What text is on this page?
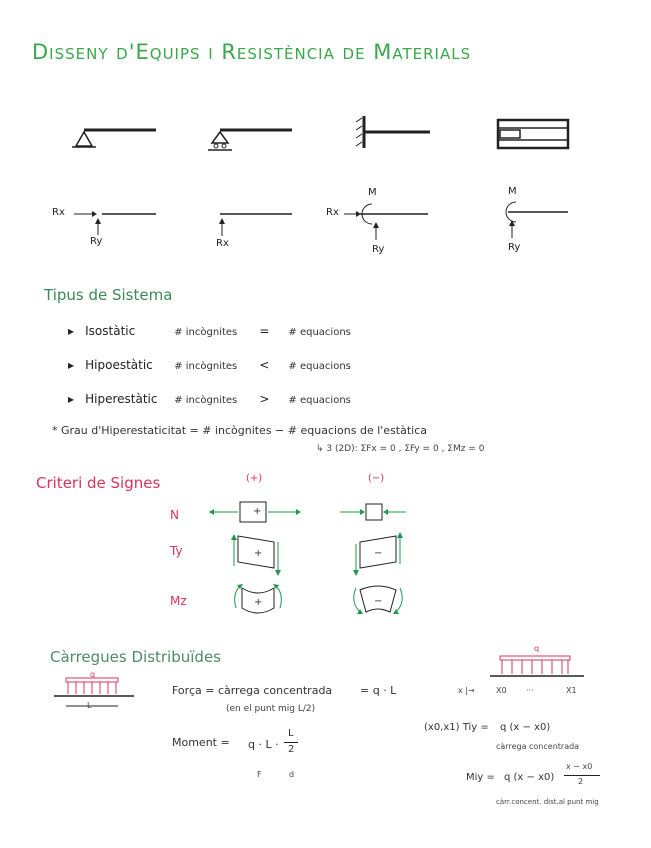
Disseny d'Equips i Resistència de Materials
Rx
Ry	Rx
M
Rx
Ry
M
Ry
Tipus de Sistema
▸ Isostàtic	# incògnites = # equacions
▸ Hipoestàtic # incògnites < # equacions
▸ Hiperestàtic # incògnites > # equacions
* Grau d'Hiperestaticitat = # incògnites − # equacions de l'estàtica
↳ 3 (2D): ΣFx = 0 , ΣFy = 0 , ΣMz = 0
Criteri de Signes	(+)	(−)
N
Ty
Mz
+
+
+
−
−
Càrregues Distribuïdes
q
L
Força = càrrega concentrada	= q · L
(en el punt mig L/2)
Moment = q · L ·
L
2
F	d
q
x |→	X0 ···	X1
(x0,x1) Tiy = q (x − x0)
càrrega concentrada
Miy = q (x − x0)
x − x0
2
càrr.concent. dist.al punt mig
